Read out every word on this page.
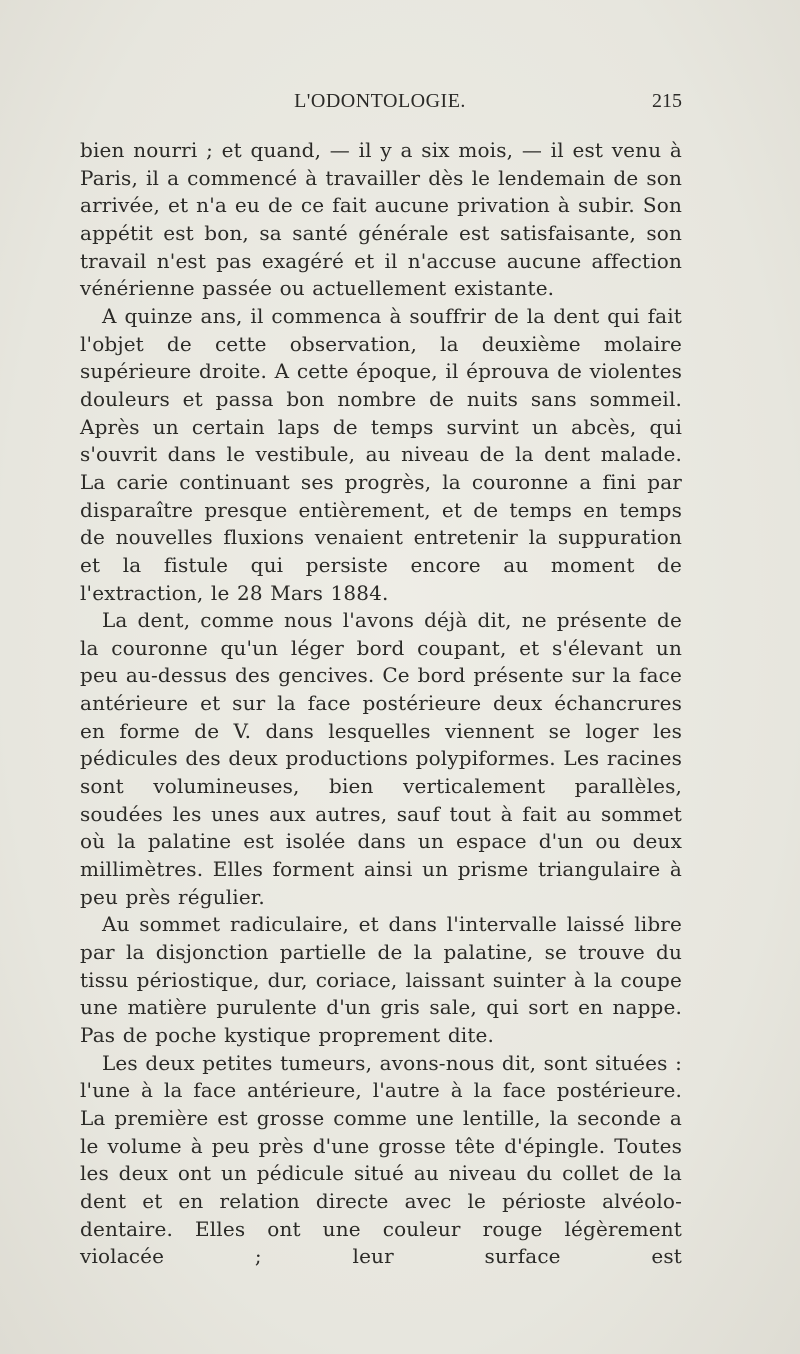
L'ODONTOLOGIE.	215

bien nourri ; et quand, — il y a six mois, — il est venu à Paris, il a commencé à travailler dès le lendemain de son arrivée, et n'a eu de ce fait aucune privation à subir. Son appétit est bon, sa santé générale est satisfaisante, son travail n'est pas exagéré et il n'accuse aucune affection vénérienne passée ou actuellement existante.

A quinze ans, il commenca à souffrir de la dent qui fait l'objet de cette observation, la deuxième molaire supérieure droite. A cette époque, il éprouva de violentes douleurs et passa bon nombre de nuits sans sommeil. Après un certain laps de temps survint un abcès, qui s'ouvrit dans le vestibule, au niveau de la dent malade. La carie continuant ses progrès, la couronne a fini par disparaître presque entièrement, et de temps en temps de nouvelles fluxions venaient entretenir la suppuration et la fistule qui persiste encore au moment de l'extraction, le 28 Mars 1884.

La dent, comme nous l'avons déjà dit, ne présente de la couronne qu'un léger bord coupant, et s'élevant un peu au-dessus des gencives. Ce bord présente sur la face antérieure et sur la face postérieure deux échancrures en forme de V. dans lesquelles viennent se loger les pédicules des deux productions polypiformes. Les racines sont volumineuses, bien verticalement parallèles, soudées les unes aux autres, sauf tout à fait au sommet où la palatine est isolée dans un espace d'un ou deux millimètres. Elles forment ainsi un prisme triangulaire à peu près régulier.

Au sommet radiculaire, et dans l'intervalle laissé libre par la disjonction partielle de la palatine, se trouve du tissu périostique, dur, coriace, laissant suinter à la coupe une matière purulente d'un gris sale, qui sort en nappe. Pas de poche kystique proprement dite.

Les deux petites tumeurs, avons-nous dit, sont situées : l'une à la face antérieure, l'autre à la face postérieure. La première est grosse comme une lentille, la seconde a le volume à peu près d'une grosse tête d'épingle. Toutes les deux ont un pédicule situé au niveau du collet de la dent et en relation directe avec le périoste alvéolo-dentaire. Elles ont une couleur rouge légèrement violacée ; leur surface est
